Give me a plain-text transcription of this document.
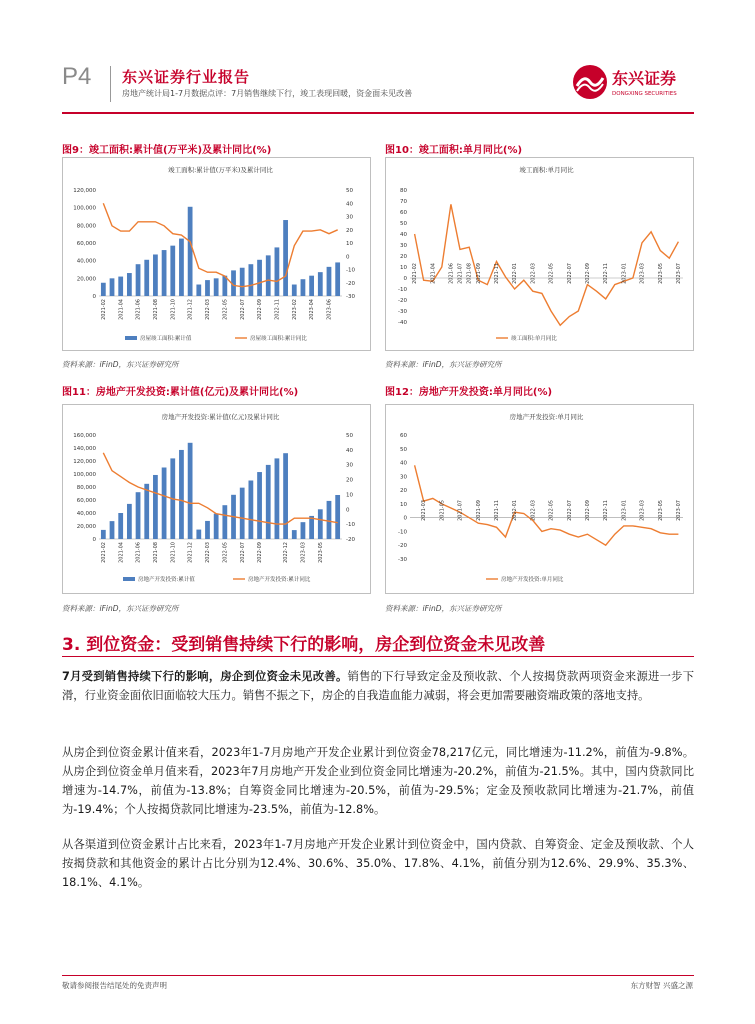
P4 东兴证券行业报告
房地产统计局1-7月数据点评：7月销售继续下行，竣工表现回暖，资金面未见改善
东兴证券
DONGXING SECURITIES
图9：竣工面积:累计值(万平米)及累计同比(%)	图10：竣工面积:单月同比(%)
图11：房地产开发投资:累计值(亿元)及累计同比(%)	图12：房地产开发投资:单月同比(%)
竣工面积:累计值(万平米)及累计同比
0
20,000
40,000
60,000
80,000
100,000
120,000
-30
-20
-10
0
10
20
30
40
50
2021-02 2021-04 2021-06 2021-08 2021-10 2021-12 2022-03 2022-05 2022-07 2022-09 2022-11 2023-02 2023-04 2023-06
房屋竣工面积:累计值	房屋竣工面积:累计同比
竣工面积:单月同比
-40
-30
-20
-10
0
10
20
30
40
50
60
70
80
2021-02 2021-04 2021-06 2021-07 2021-08 2021-09 2021-11 2022-01 2022-03 2022-05 2022-07 2022-09 2022-11 2023-01 2023-03 2023-05 2023-07
竣工面积:单月同比
房地产开发投资:累计值(亿元)及累计同比
0
20,000
40,000
60,000
80,000
100,000
120,000
140,000
160,000
-20
-10
0
10
20
30
40
50
2021-02 2021-04 2021-06 2021-08 2021-10 2021-12 2022-03 2022-05 2022-07 2022-09	2022-12 2023-03 2023-05
房地产开发投资:累计值	房地产开发投资:累计同比
房地产开发投资:单月同比
-30
-20
-10
0
10
20
30
40
50
60
2021-03 2021-05 2021-07 2021-09 2021-11 2022-01 2022-03 2022-05 2022-07 2022-09 2022-11 2023-01 2023-03 2023-05 2023-07
房地产开发投资:单月同比
资料来源：iFinD，东兴证券研究所	资料来源：iFinD，东兴证券研究所
资料来源：iFinD，东兴证券研究所	资料来源：iFinD，东兴证券研究所
3. 到位资金：受到销售持续下行的影响，房企到位资金未见改善
7月受到销售持续下行的影响，房企到位资金未见改善。销售的下行导致定金及预收款、个人按揭贷款两项资金来源进一步下滑，行业资金面依旧面临较大压力。销售不振之下，房企的自我造血能力减弱，将会更加需要融资端政策的落地支持。
从房企到位资金累计值来看，2023年1-7月房地产开发企业累计到位资金78,217亿元，同比增速为-11.2%，前值为-9.8%。从房企到位资金单月值来看，2023年7月房地产开发企业到位资金同比增速为-20.2%，前值为-21.5%。其中，国内贷款同比增速为-14.7%，前值为-13.8%；自筹资金同比增速为-20.5%，前值为-29.5%；定金及预收款同比增速为-21.7%，前值为-19.4%；个人按揭贷款同比增速为-23.5%，前值为-12.8%。
从各渠道到位资金累计占比来看，2023年1-7月房地产开发企业累计到位资金中，国内贷款、自筹资金、定金及预收款、个人按揭贷款和其他资金的累计占比分别为12.4%、30.6%、35.0%、17.8%、4.1%，前值分别为12.6%、29.9%、35.3%、18.1%、4.1%。
敬请参阅报告结尾处的免责声明	东方财智 兴盛之源
